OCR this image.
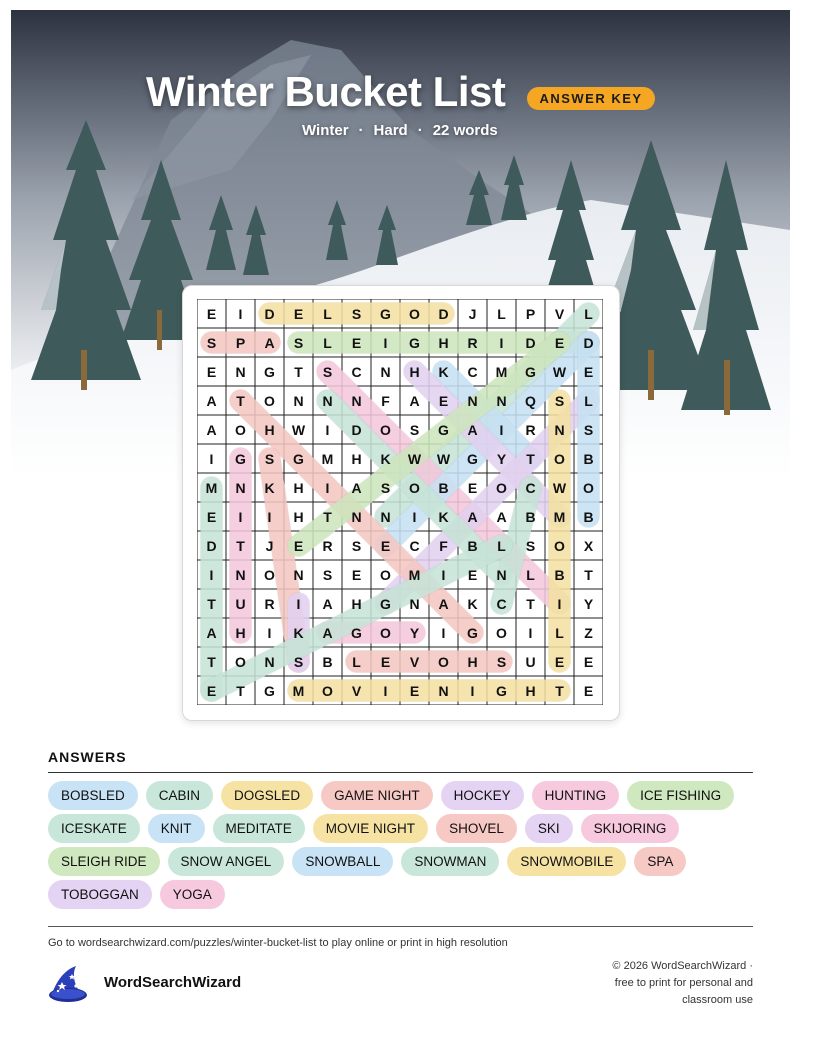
Winter Bucket List	ANSWER KEY
Winter · Hard · 22 words
E	I	D	E	L	S	G	O	D	J	L	P	V	L
S	P	A	S	L	E	I	G	H	R	I	D	E	D
E	N	G	T	S	C	N	H	K	C	M	G	W	E
A	T	O	N	N	N	F	A	E	N	N	Q	S	L
A	O	H	W	I	D	O	S	G	A	I	R	N	S
I	G	S	G	M	H	K	W	W	G	Y	T	O	B
M	N	K	H	I	A	S	O	B	E	O	C	W	O
E	I	I	H	T	N	N	I	K	A	A	B	M	B
D	T	J	E	R	S	E	C	F	B	L	S	O	X
I	N	O	N	S	E	O	M	I	E	N	L	B	T
T	U	R	I	A	H	G	N	A	K	C	T	I	Y
A	H	I	K	A	G	O	Y	I	G	O	I	L	Z
T	O	N	S	B	L	E	V	O	H	S	U	E	E
E	T	G	M	O	V	I	E	N	I	G	H	T	E
ANSWERS
BOBSLED	CABIN	DOGSLED	GAME NIGHT	HOCKEY	HUNTING	ICE FISHING
ICESKATE	KNIT	MEDITATE	MOVIE NIGHT	SHOVEL	SKI	SKIJORING
SLEIGH RIDE	SNOW ANGEL	SNOWBALL	SNOWMAN	SNOWMOBILE	SPA
TOBOGGAN	YOGA
Go to wordsearchwizard.com/puzzles/winter-bucket-list to play online or print in high resolution
WordSearchWizard
© 2026 WordSearchWizard ·
free to print for personal and
classroom use
